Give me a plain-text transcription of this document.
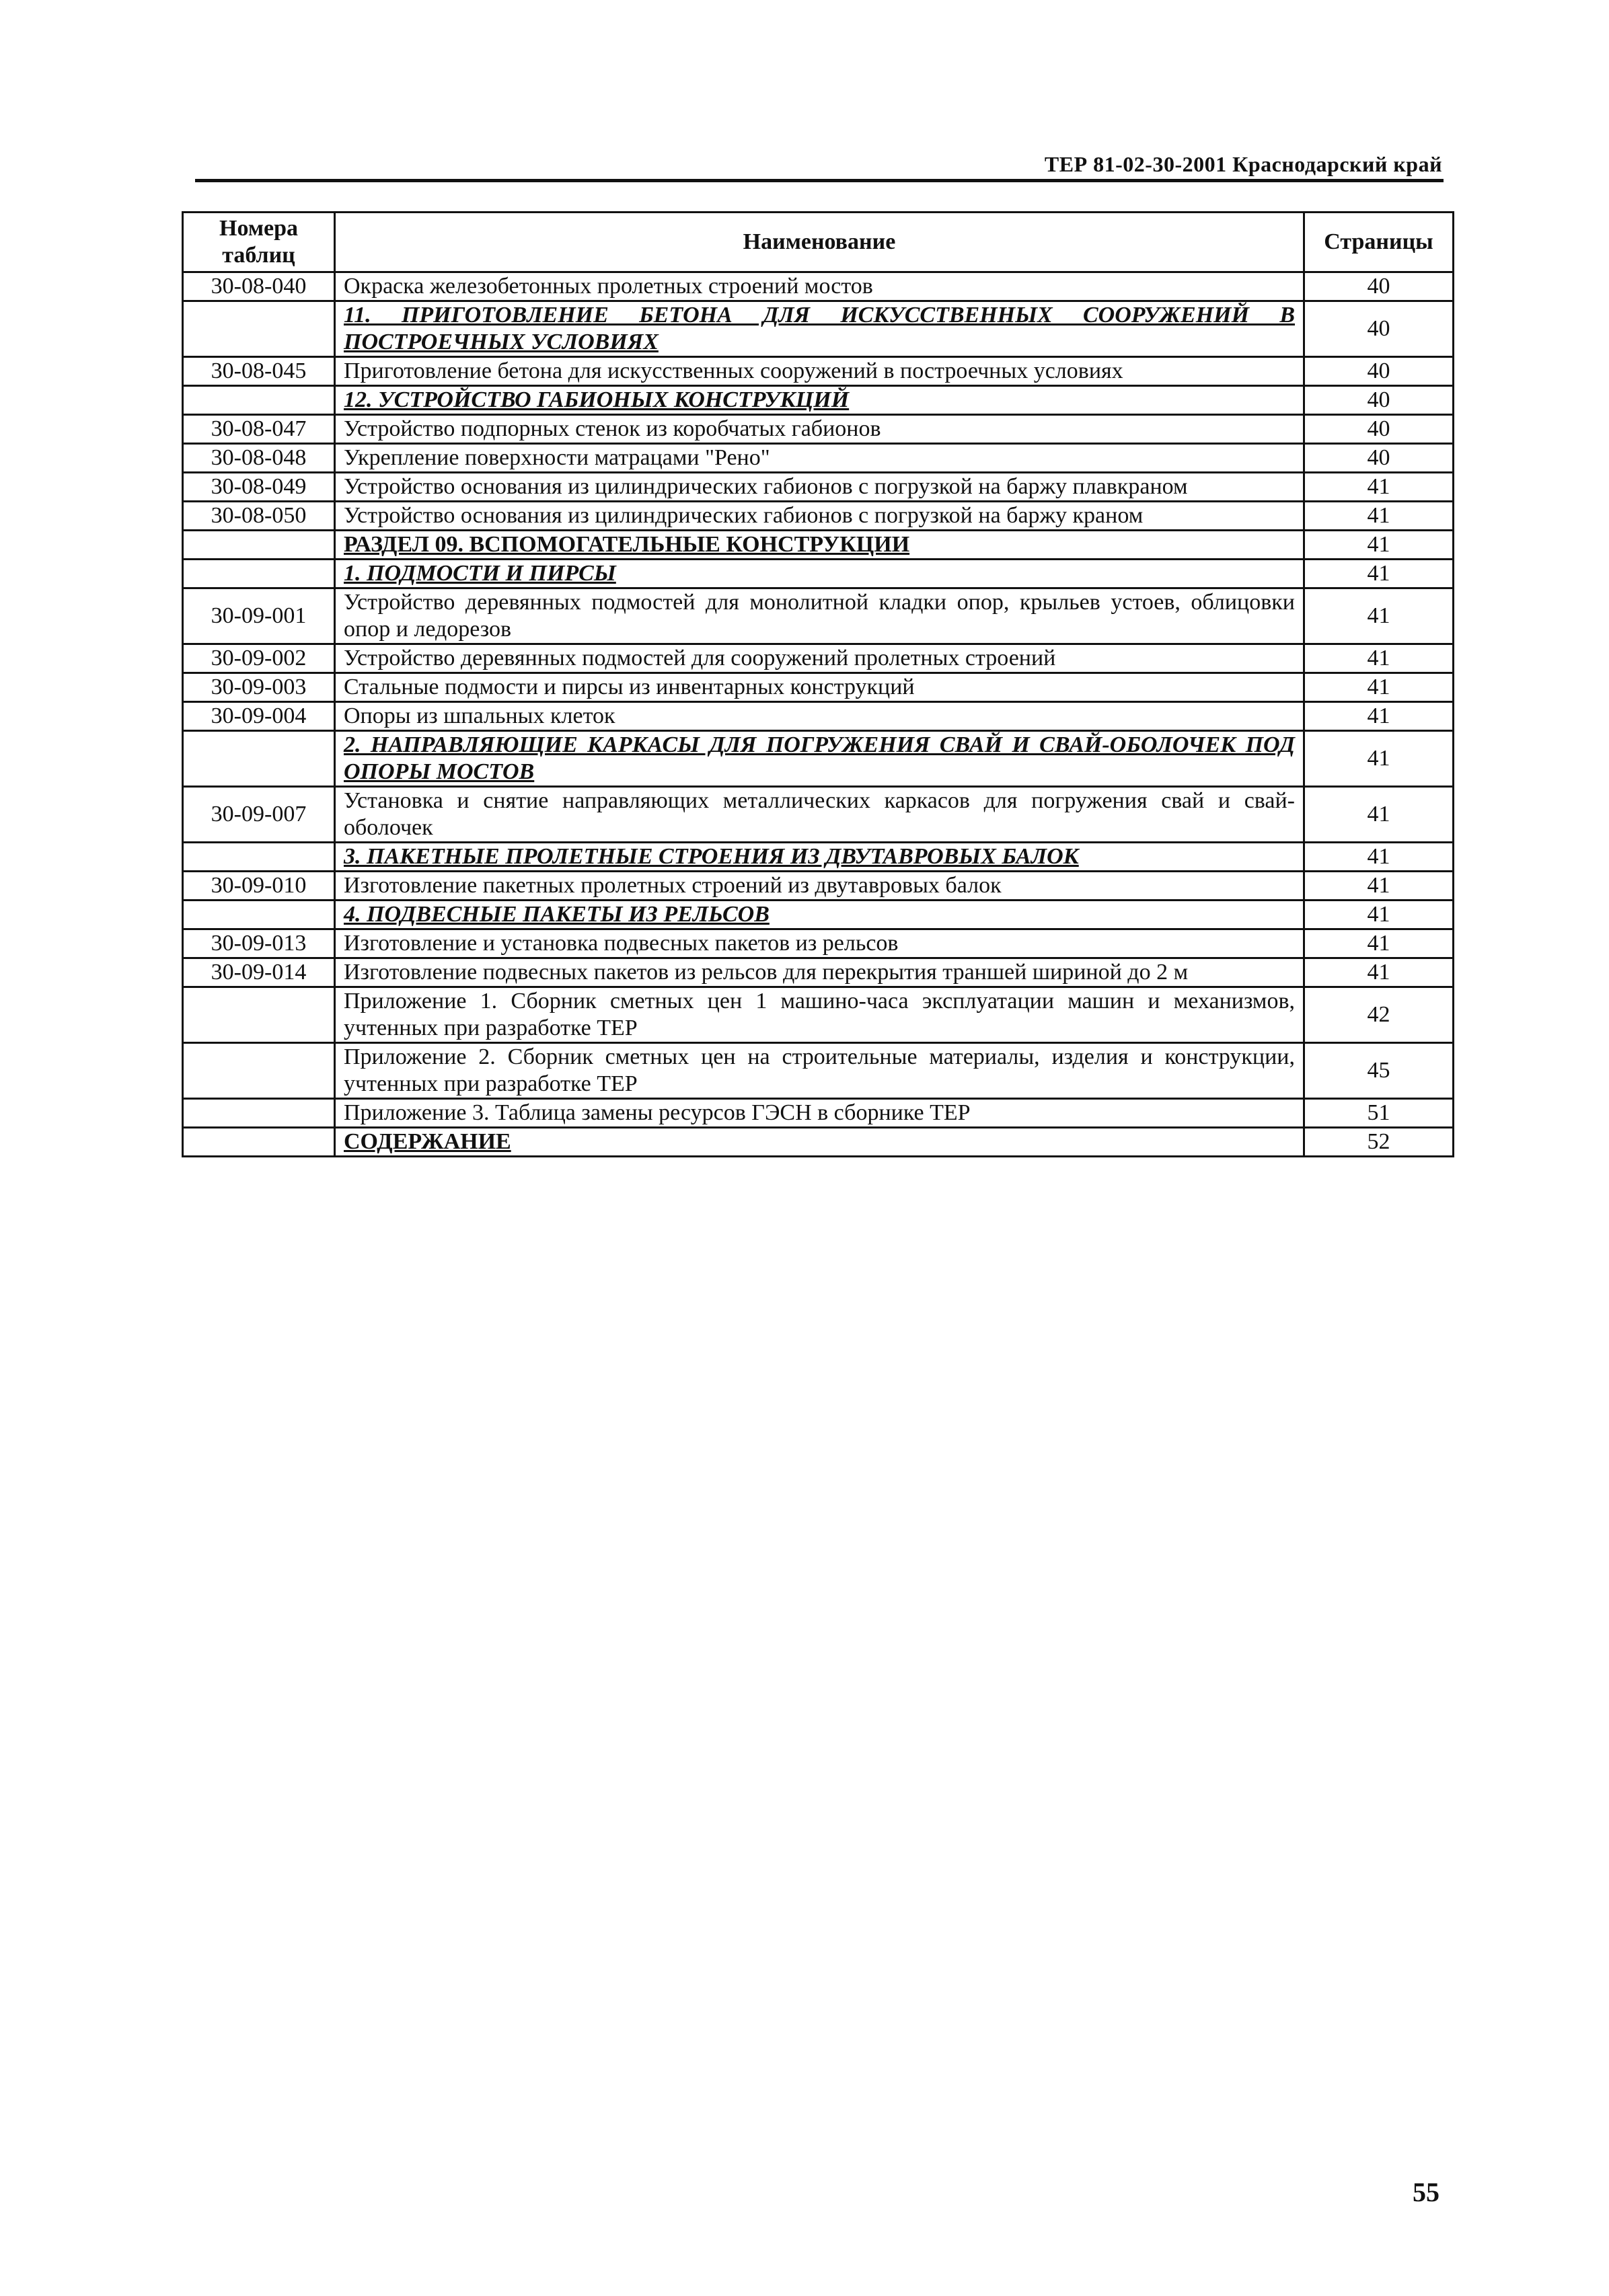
ТЕР 81-02-30-2001 Краснодарский край
Номера таблиц	Наименование	Страницы
30-08-040	Окраска железобетонных пролетных строений мостов	40
	11. ПРИГОТОВЛЕНИЕ БЕТОНА ДЛЯ ИСКУССТВЕННЫХ СООРУЖЕНИЙ В ПОСТРОЕЧНЫХ УСЛОВИЯХ	40
30-08-045	Приготовление бетона для искусственных сооружений в построечных условиях	40
	12. УСТРОЙСТВО ГАБИОНЫХ КОНСТРУКЦИЙ	40
30-08-047	Устройство подпорных стенок из коробчатых габионов	40
30-08-048	Укрепление поверхности матрацами "Рено"	40
30-08-049	Устройство основания из цилиндрических габионов с погрузкой на баржу плавкраном	41
30-08-050	Устройство основания из цилиндрических габионов с погрузкой на баржу краном	41
	РАЗДЕЛ 09. ВСПОМОГАТЕЛЬНЫЕ КОНСТРУКЦИИ	41
	1. ПОДМОСТИ И ПИРСЫ	41
30-09-001	Устройство деревянных подмостей для монолитной кладки опор, крыльев устоев, облицовки опор и ледорезов	41
30-09-002	Устройство деревянных подмостей для сооружений пролетных строений	41
30-09-003	Стальные подмости и пирсы из инвентарных конструкций	41
30-09-004	Опоры из шпальных клеток	41
	2. НАПРАВЛЯЮЩИЕ КАРКАСЫ ДЛЯ ПОГРУЖЕНИЯ СВАЙ И СВАЙ-ОБОЛОЧЕК ПОД ОПОРЫ МОСТОВ	41
30-09-007	Установка и снятие направляющих металлических каркасов для погружения свай и свай-оболочек	41
	3. ПАКЕТНЫЕ ПРОЛЕТНЫЕ СТРОЕНИЯ ИЗ ДВУТАВРОВЫХ БАЛОК	41
30-09-010	Изготовление пакетных пролетных строений из двутавровых балок	41
	4. ПОДВЕСНЫЕ ПАКЕТЫ ИЗ РЕЛЬСОВ	41
30-09-013	Изготовление и установка подвесных пакетов из рельсов	41
30-09-014	Изготовление подвесных пакетов из рельсов для перекрытия траншей шириной до 2 м	41
	Приложение 1. Сборник сметных цен 1 машино-часа эксплуатации машин и механизмов, учтенных при разработке ТЕР	42
	Приложение 2. Сборник сметных цен на строительные материалы, изделия и конструкции, учтенных при разработке ТЕР	45
	Приложение 3. Таблица замены ресурсов ГЭСН в сборнике ТЕР	51
	СОДЕРЖАНИЕ	52
55
